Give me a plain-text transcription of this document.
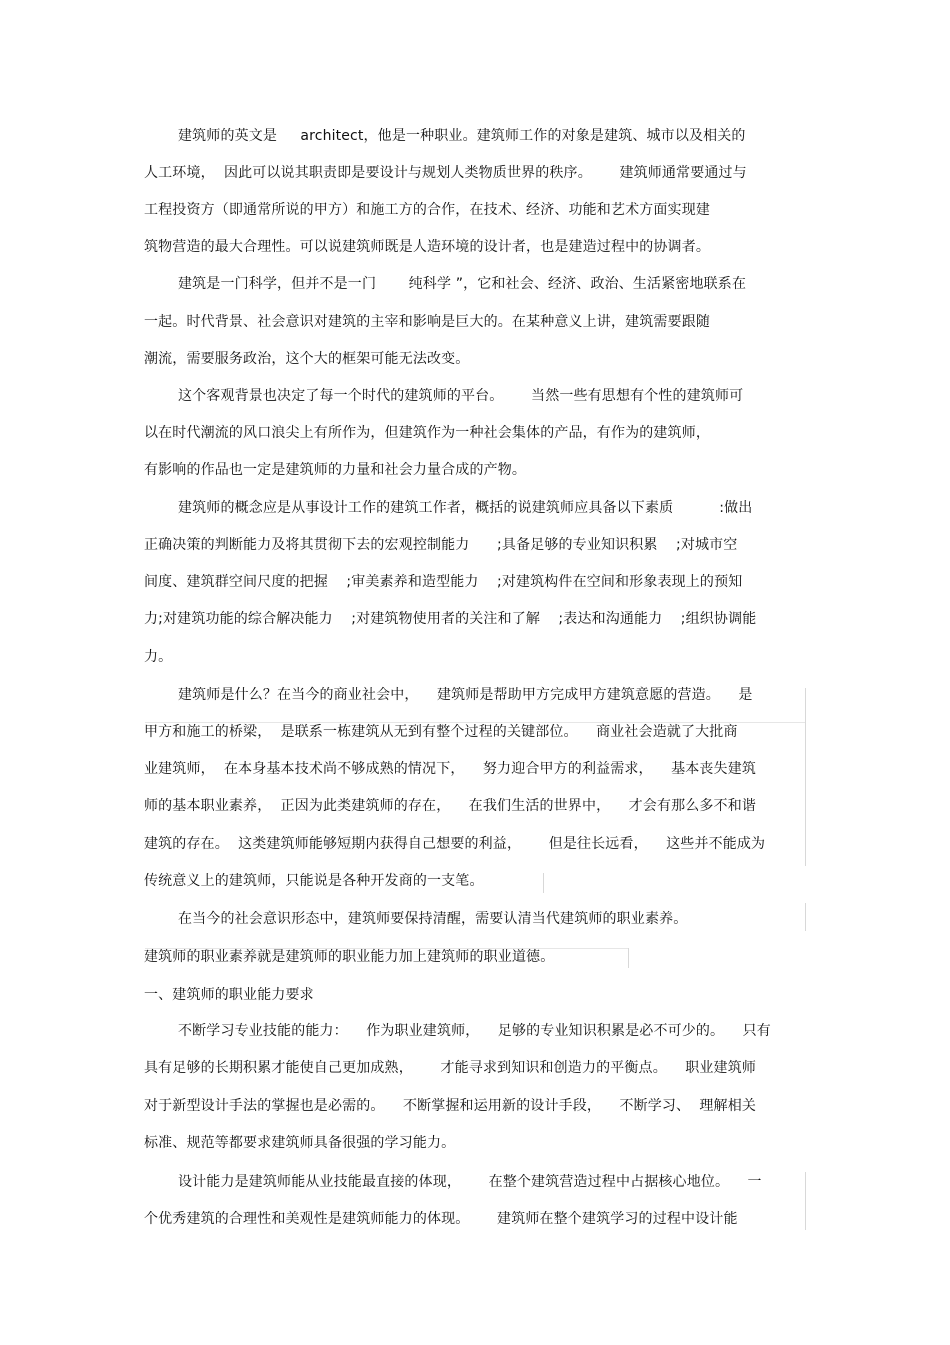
建筑师的英文是　  architect，他是一种职业。建筑师工作的对象是建筑、城市以及相关的
人工环境，  因此可以说其职责即是要设计与规划人类物质世界的秩序。      建筑师通常要通过与
工程投资方（即通常所说的甲方）和施工方的合作，在技术、经济、功能和艺术方面实现建
筑物营造的最大合理性。可以说建筑师既是人造环境的设计者，也是建造过程中的协调者。
建筑是一门科学，但并不是一门　    纯科学 ”，它和社会、经济、政治、生活紧密地联系在
一起。时代背景、社会意识对建筑的主宰和影响是巨大的。在某种意义上讲，建筑需要跟随
潮流，需要服务政治，这个大的框架可能无法改变。
这个客观背景也决定了每一个时代的建筑师的平台。      当然一些有思想有个性的建筑师可
以在时代潮流的风口浪尖上有所作为，但建筑作为一种社会集体的产品，有作为的建筑师，
有影响的作品也一定是建筑师的力量和社会力量合成的产物。
建筑师的概念应是从事设计工作的建筑工作者，概括的说建筑师应具备以下素质          :做出
正确决策的判断能力及将其贯彻下去的宏观控制能力      ;具备足够的专业知识积累    ;对城市空
间度、建筑群空间尺度的把握    ;审美素养和造型能力    ;对建筑构件在空间和形象表现上的预知
力;对建筑功能的综合解决能力    ;对建筑物使用者的关注和了解    ;表达和沟通能力    ;组织协调能
力。
建筑师是什么？在当今的商业社会中，    建筑师是帮助甲方完成甲方建筑意愿的营造。    是
甲方和施工的桥梁，  是联系一栋建筑从无到有整个过程的关键部位。    商业社会造就了大批商
业建筑师，  在本身基本技术尚不够成熟的情况下，    努力迎合甲方的利益需求，    基本丧失建筑
师的基本职业素养，  正因为此类建筑师的存在，    在我们生活的世界中，    才会有那么多不和谐
建筑的存在。  这类建筑师能够短期内获得自己想要的利益，      但是往长远看，    这些并不能成为
传统意义上的建筑师，只能说是各种开发商的一支笔。
在当今的社会意识形态中，建筑师要保持清醒，需要认清当代建筑师的职业素养。
建筑师的职业素养就是建筑师的职业能力加上建筑师的职业道德。
一、建筑师的职业能力要求
不断学习专业技能的能力：    作为职业建筑师，    足够的专业知识积累是必不可少的。    只有
具有足够的长期积累才能使自己更加成熟，      才能寻求到知识和创造力的平衡点。    职业建筑师
对于新型设计手法的掌握也是必需的。    不断掌握和运用新的设计手段，    不断学习、  理解相关
标准、规范等都要求建筑师具备很强的学习能力。
设计能力是建筑师能从业技能最直接的体现，      在整个建筑营造过程中占据核心地位。    一
个优秀建筑的合理性和美观性是建筑师能力的体现。      建筑师在整个建筑学习的过程中设计能
